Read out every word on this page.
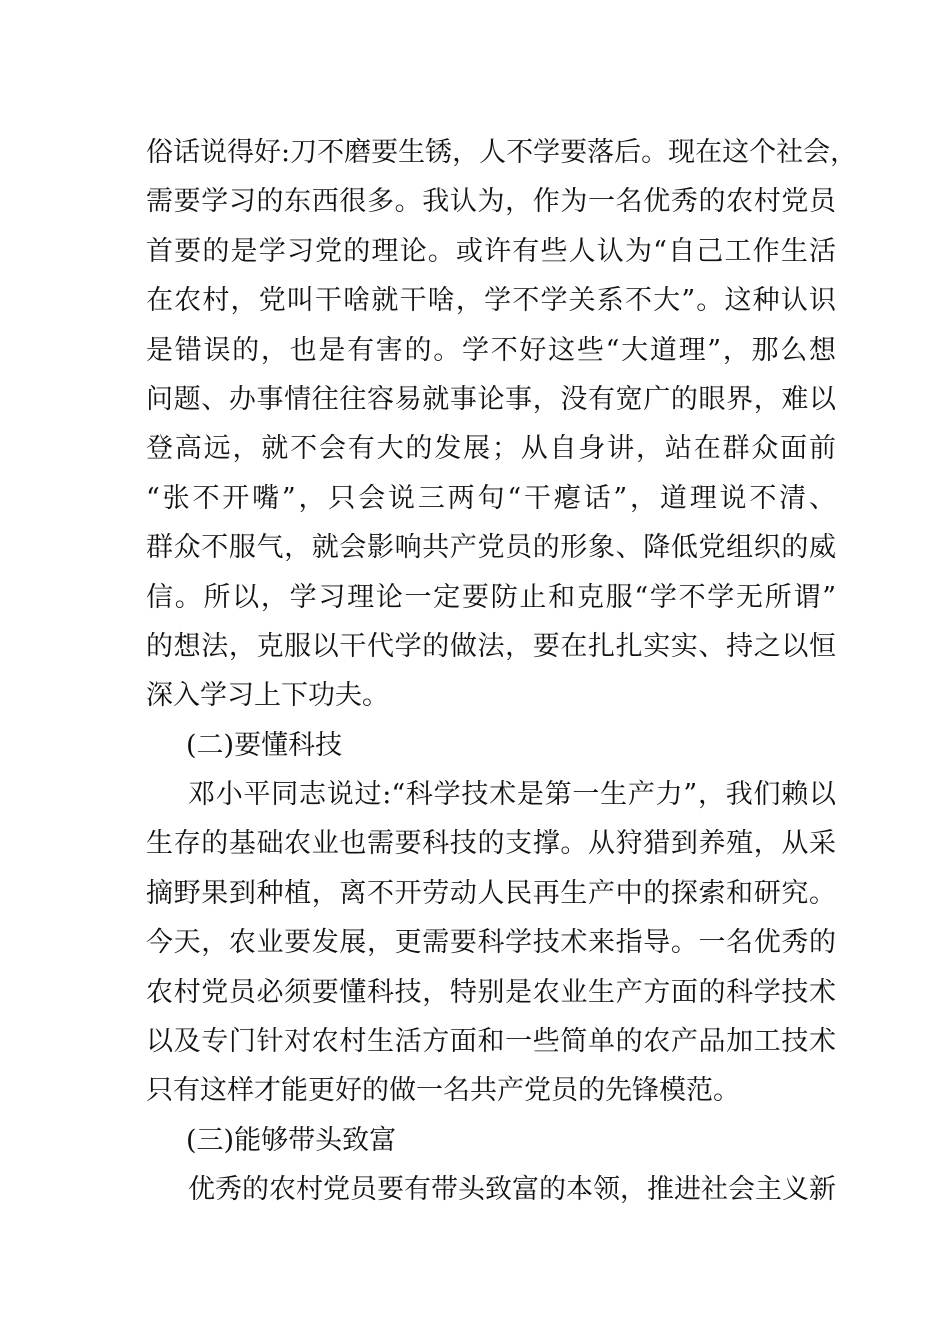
俗话说得好:刀不磨要生锈，人不学要落后。现在这个社会，
需要学习的东西很多。我认为，作为一名优秀的农村党员
首要的是学习党的理论。或许有些人认为“自己工作生活
在农村，党叫干啥就干啥，学不学关系不大”。这种认识
是错误的，也是有害的。学不好这些“大道理”，那么想
问题、办事情往往容易就事论事，没有宽广的眼界，难以
登高远，就不会有大的发展；从自身讲，站在群众面前
“张不开嘴”，只会说三两句“干瘪话”，道理说不清、
群众不服气，就会影响共产党员的形象、降低党组织的威
信。所以，学习理论一定要防止和克服“学不学无所谓”
的想法，克服以干代学的做法，要在扎扎实实、持之以恒
深入学习上下功夫。
(二)要懂科技
邓小平同志说过:“科学技术是第一生产力”，我们赖以
生存的基础农业也需要科技的支撑。从狩猎到养殖，从采
摘野果到种植，离不开劳动人民再生产中的探索和研究。
今天，农业要发展，更需要科学技术来指导。一名优秀的
农村党员必须要懂科技，特别是农业生产方面的科学技术
以及专门针对农村生活方面和一些简单的农产品加工技术
只有这样才能更好的做一名共产党员的先锋模范。
(三)能够带头致富
优秀的农村党员要有带头致富的本领，推进社会主义新
